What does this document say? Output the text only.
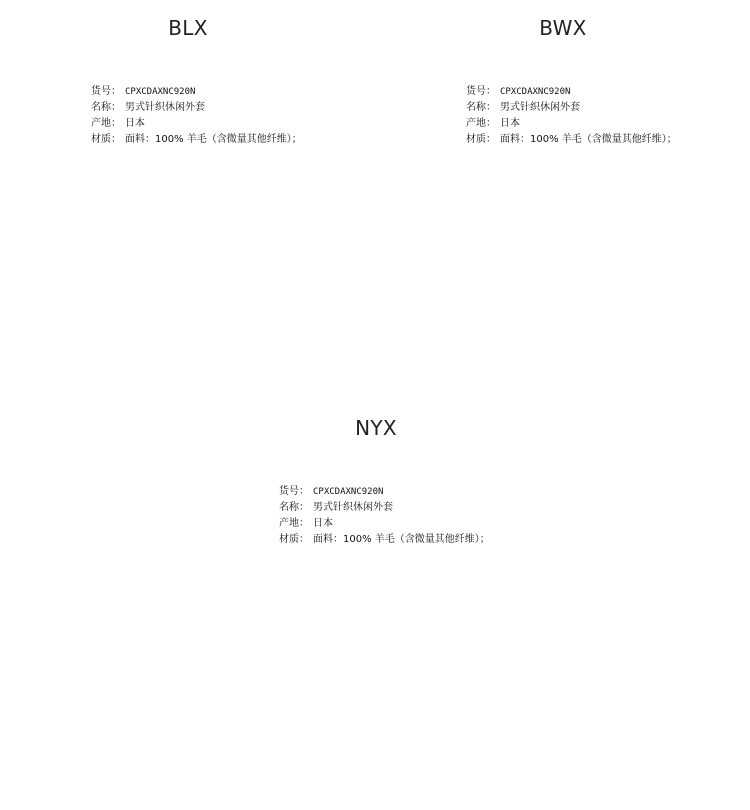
BLX
货号： CPXCDAXNC920N
名称： 男式针织休闲外套
产地： 日本
材质： 面料：100% 羊毛（含微量其他纤维）；
BWX
货号： CPXCDAXNC920N
名称： 男式针织休闲外套
产地： 日本
材质： 面料：100% 羊毛（含微量其他纤维）；
NYX
货号： CPXCDAXNC920N
名称： 男式针织休闲外套
产地： 日本
材质： 面料：100% 羊毛（含微量其他纤维）；
